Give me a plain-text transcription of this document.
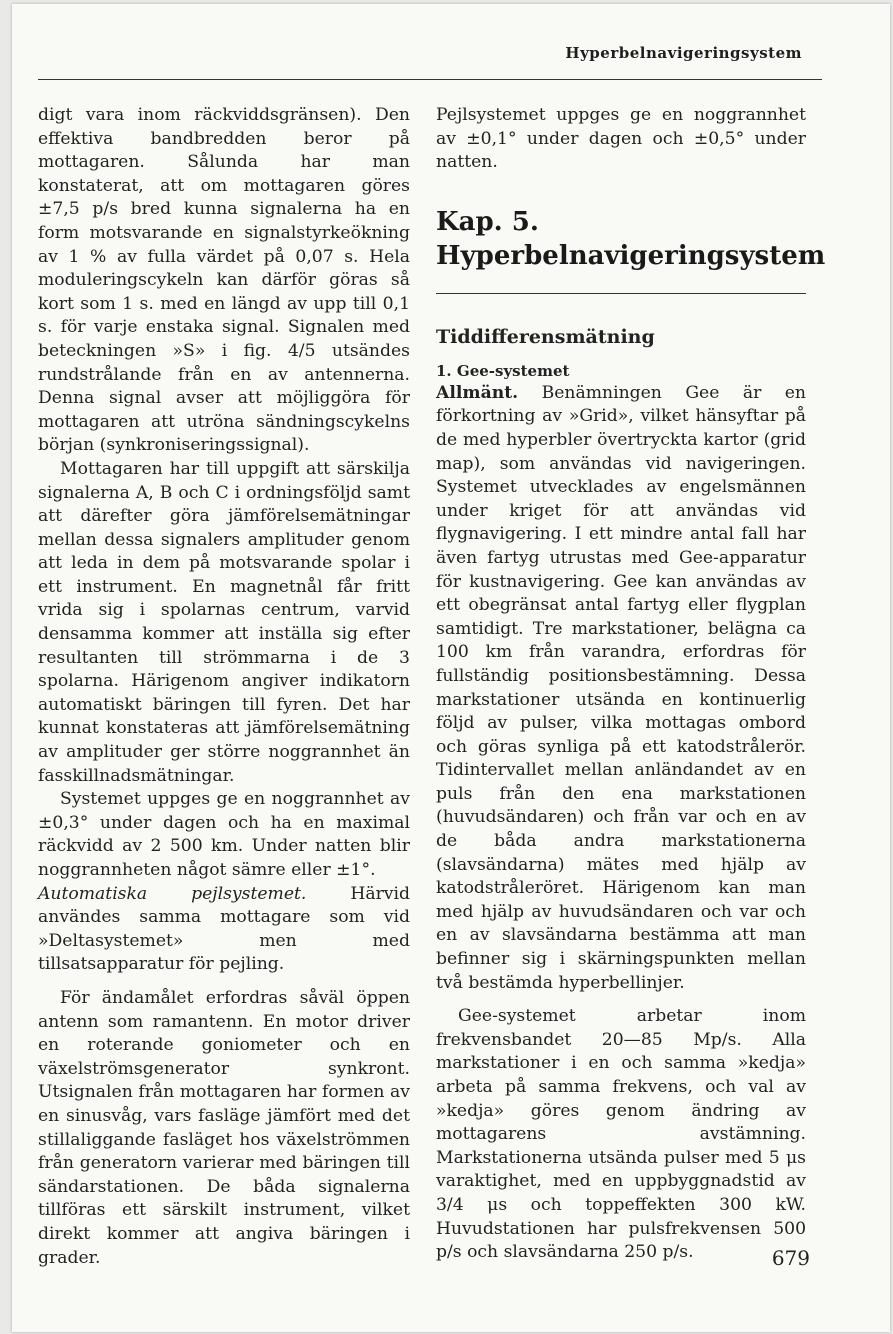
Hyperbelnavigeringsystem

digt vara inom räckviddsgränsen). Den effektiva bandbredden beror på mottagaren. Sålunda har man konstaterat, att om mottagaren göres ±7,5 p/s bred kunna signalerna ha en form motsvarande en signalstyrkeökning av 1 % av fulla värdet på 0,07 s. Hela moduleringscykeln kan därför göras så kort som 1 s. med en längd av upp till 0,1 s. för varje enstaka signal. Signalen med beteckningen »S» i fig. 4/5 utsändes rundstrålande från en av antennerna. Denna signal avser att möjliggöra för mottagaren att utröna sändningscykelns början (synkroniseringssignal).

Mottagaren har till uppgift att särskilja signalerna A, B och C i ordningsföljd samt att därefter göra jämförelsemätningar mellan dessa signalers amplituder genom att leda in dem på motsvarande spolar i ett instrument. En magnetnål får fritt vrida sig i spolarnas centrum, varvid densamma kommer att inställa sig efter resultanten till strömmarna i de 3 spolarna. Härigenom angiver indikatorn automatiskt bäringen till fyren. Det har kunnat konstateras att jämförelsemätning av amplituder ger större noggrannhet än fasskillnadsmätningar.

Systemet uppges ge en noggrannhet av ±0,3° under dagen och ha en maximal räckvidd av 2 500 km. Under natten blir noggrannheten något sämre eller ±1°.

Automatiska pejlsystemet. Härvid användes samma mottagare som vid »Deltasystemet» men med tillsatsapparatur för pejling.

För ändamålet erfordras såväl öppen antenn som ramantenn. En motor driver en roterande goniometer och en växelströmsgenerator synkront. Utsignalen från mottagaren har formen av en sinusvåg, vars fasläge jämfört med det stillaliggande fasläget hos växelströmmen från generatorn varierar med bäringen till sändarstationen. De båda signalerna tillföras ett särskilt instrument, vilket direkt kommer att angiva bäringen i grader.

Pejlsystemet uppges ge en noggrannhet av ±0,1° under dagen och ±0,5° under natten.

Kap. 5. Hyperbelnavigeringsystem
Tiddifferensmätning
1. Gee-systemet

Allmänt. Benämningen Gee är en förkortning av »Grid», vilket hänsyftar på de med hyperbler övertryckta kartor (grid map), som användas vid navigeringen. Systemet utvecklades av engelsmännen under kriget för att användas vid flygnavigering. I ett mindre antal fall har även fartyg utrustas med Gee-apparatur för kustnavigering. Gee kan användas av ett obegränsat antal fartyg eller flygplan samtidigt. Tre markstationer, belägna ca 100 km från varandra, erfordras för fullständig positionsbestämning. Dessa markstationer utsända en kontinuerlig följd av pulser, vilka mottagas ombord och göras synliga på ett katodstrålerör. Tidintervallet mellan anländandet av en puls från den ena markstationen (huvudsändaren) och från var och en av de båda andra markstationerna (slavsändarna) mätes med hjälp av katodstråleröret. Härigenom kan man med hjälp av huvudsändaren och var och en av slavsändarna bestämma att man befinner sig i skärningspunkten mellan två bestämda hyperbellinjer.

Gee-systemet arbetar inom frekvensbandet 20—85 Mp/s. Alla markstationer i en och samma »kedja» arbeta på samma frekvens, och val av »kedja» göres genom ändring av mottagarens avstämning. Markstationerna utsända pulser med 5 μs varaktighet, med en uppbyggnadstid av 3/4 μs och toppeffekten 300 kW. Huvudstationen har pulsfrekvensen 500 p/s och slavsändarna 250 p/s.	679
